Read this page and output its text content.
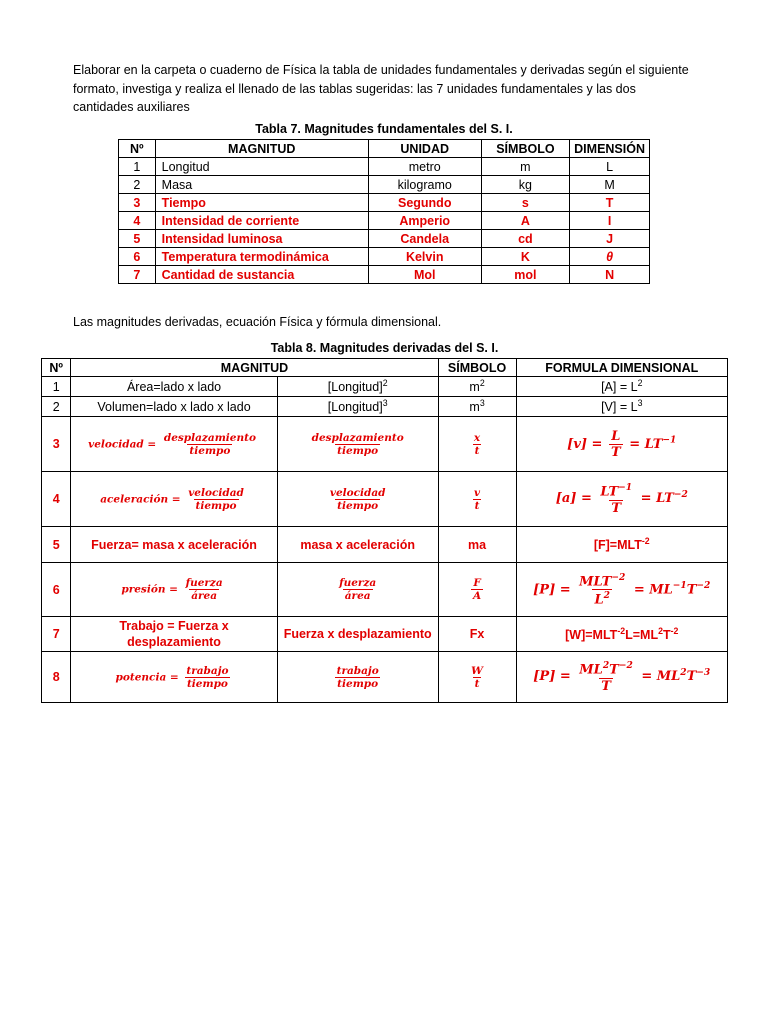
Elaborar en la carpeta o cuaderno de Física la tabla de unidades fundamentales y derivadas según el siguiente formato, investiga y realiza el llenado de las tablas sugeridas: las 7 unidades fundamentales y las dos cantidades auxiliares
Tabla 7. Magnitudes fundamentales del S. I.
Nº	MAGNITUD	UNIDAD	SÍMBOLO	DIMENSIÓN
1	Longitud	metro	m	L
2	Masa	kilogramo	kg	M
3	Tiempo	Segundo	s	T
4	Intensidad de corriente	Amperio	A	I
5	Intensidad luminosa	Candela	cd	J
6	Temperatura termodinámica	Kelvin	K	θ
7	Cantidad de sustancia	Mol	mol	N
Las magnitudes derivadas, ecuación Física y fórmula dimensional.
Tabla 8. Magnitudes derivadas del S. I.
Nº	MAGNITUD		SÍMBOLO	FORMULA DIMENSIONAL
1	Área=lado x lado	[Longitud]$^2$	$m^2$	$[A] = L^2$
2	Volumen=lado x lado x lado	[Longitud]$^3$	$m^3$	$[V] = L^3$
3	velocidad = $\frac{\text{desplazamiento}}{\text{tiempo}}$	$\frac{\text{desplazamiento}}{\text{tiempo}}$	$\frac{x}{t}$	$[v] = \frac{L}{T} = LT^{-1}$
4	aceleración = $\frac{\text{velocidad}}{\text{tiempo}}$	$\frac{\text{velocidad}}{\text{tiempo}}$	$\frac{v}{t}$	$[a] = \frac{LT^{-1}}{T} = LT^{-2}$
5	Fuerza= masa x aceleración	masa x aceleración	ma	$[F]=MLT^{-2}$
6	presión = $\frac{\text{fuerza}}{\text{área}}$	$\frac{\text{fuerza}}{\text{área}}$	$\frac{F}{A}$	$[P] = \frac{MLT^{-2}}{L^2} = ML^{-1}T^{-2}$
7	Trabajo = Fuerza x desplazamiento	Fuerza x desplazamiento	Fx	$[W]=MLT^{-2}L=ML^2T^{-2}$
8	potencia = $\frac{\text{trabajo}}{\text{tiempo}}$	$\frac{\text{trabajo}}{\text{tiempo}}$	$\frac{W}{t}$	$[P] = \frac{ML^2T^{-2}}{T} = ML^2T^{-3}$
